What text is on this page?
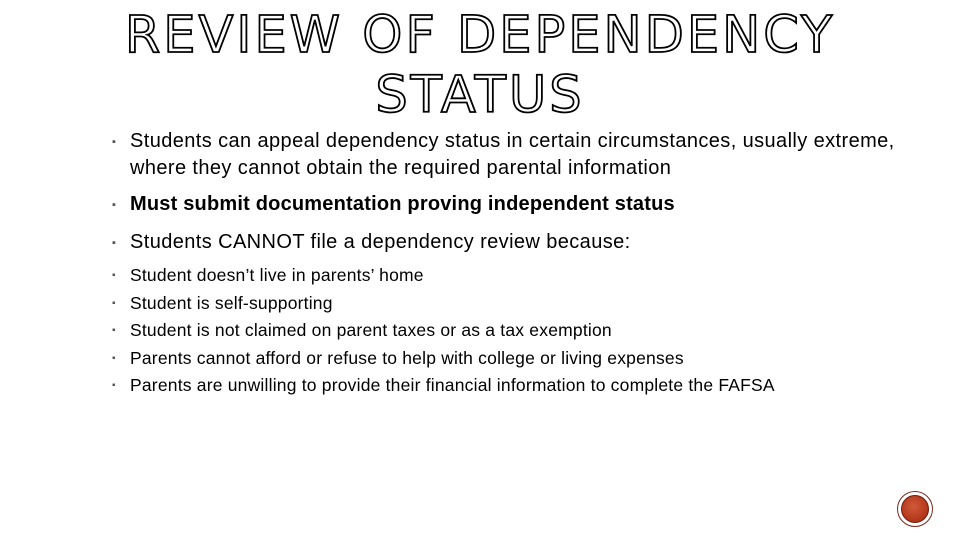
REVIEW OF DEPENDENCY
STATUS
▪ Students can appeal dependency status in certain circumstances, usually extreme, where they cannot obtain the required parental information
▪ Must submit documentation proving independent status
▪ Students CANNOT file a dependency review because:
▪ Student doesn’t live in parents’ home
▪ Student is self-supporting
▪ Student is not claimed on parent taxes or as a tax exemption
▪ Parents cannot afford or refuse to help with college or living expenses
▪ Parents are unwilling to provide their financial information to complete the FAFSA
